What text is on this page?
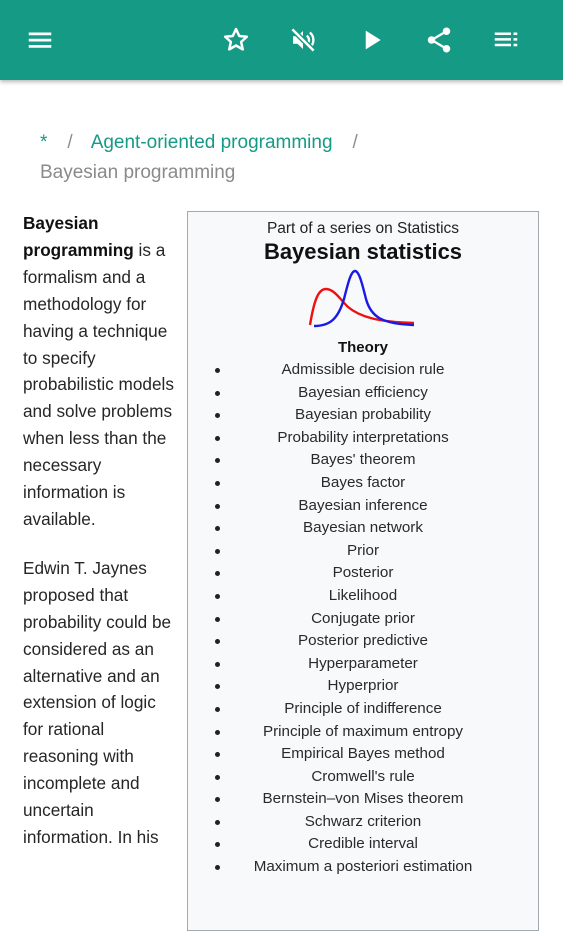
* / Agent-oriented programming /
Bayesian programming

Bayesian programming is a formalism and a methodology for having a technique to specify probabilistic models and solve problems when less than the necessary information is available.

Edwin T. Jaynes proposed that probability could be considered as an alternative and an extension of logic for rational reasoning with incomplete and uncertain information. In his

Part of a series on Statistics
Bayesian statistics
Theory
Admissible decision rule
Bayesian efficiency
Bayesian probability
Probability interpretations
Bayes' theorem
Bayes factor
Bayesian inference
Bayesian network
Prior
Posterior
Likelihood
Conjugate prior
Posterior predictive
Hyperparameter
Hyperprior
Principle of indifference
Principle of maximum entropy
Empirical Bayes method
Cromwell's rule
Bernstein–von Mises theorem
Schwarz criterion
Credible interval
Maximum a posteriori estimation
